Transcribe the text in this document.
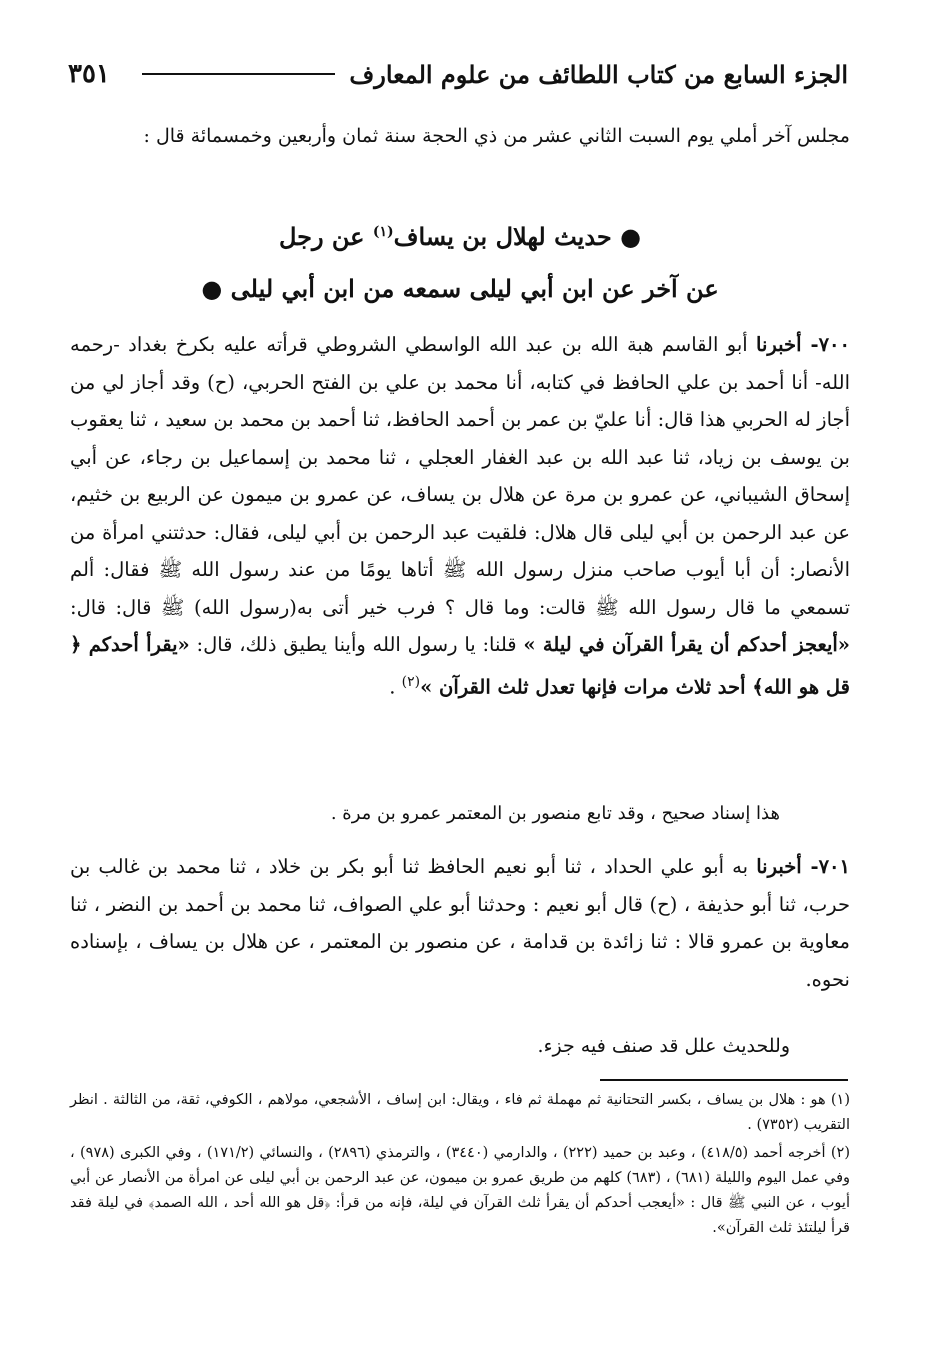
٣٥١	الجزء السابع من كتاب اللطائف من علوم المعارف
مجلس آخر أملي يوم السبت الثاني عشر من ذي الحجة سنة ثمان وأربعين وخمسمائة قال :
● حديث لهلال بن يساف$^{(١)}$ عن رجل
عن آخر عن ابن أبي ليلى سمعه من ابن أبي ليلى ●
٧٠٠- أخبرنا أبو القاسم هبة الله بن عبد الله الواسطي الشروطي قرأته عليه بكرخ بغداد -رحمه الله- أنا أحمد بن علي الحافظ في كتابه، أنا محمد بن علي بن الفتح الحربي، (ح) وقد أجاز لي من أجاز له الحربي هذا قال: أنا عليّ بن عمر بن أحمد الحافظ، ثنا أحمد بن محمد بن سعيد ، ثنا يعقوب بن يوسف بن زياد، ثنا عبد الله بن عبد الغفار العجلي ، ثنا محمد بن إسماعيل بن رجاء، عن أبي إسحاق الشيباني، عن عمرو بن مرة عن هلال بن يساف، عن عمرو بن ميمون عن الربيع بن خثيم، عن عبد الرحمن بن أبي ليلى قال هلال: فلقيت عبد الرحمن بن أبي ليلى، فقال: حدثتني امرأة من الأنصار: أن أبا أيوب صاحب منزل رسول الله ﷺ أتاها يومًا من عند رسول الله ﷺ فقال: ألم تسمعي ما قال رسول الله ﷺ قالت: وما قال ؟ فرب خير أتى به(رسول الله) ﷺ قال: قال: «أيعجز أحدكم أن يقرأ القرآن في ليلة » قلنا: يا رسول الله وأينا يطيق ذلك، قال: «يقرأ أحدكم ﴿ قل هو الله﴾ أحد ثلاث مرات فإنها تعدل ثلث القرآن »$^{(٢)}$ .
هذا إسناد صحيح ، وقد تابع منصور بن المعتمر عمرو بن مرة .
٧٠١- أخبرنا به أبو علي الحداد ، ثنا أبو نعيم الحافظ ثنا أبو بكر بن خلاد ، ثنا محمد بن غالب بن حرب، ثنا أبو حذيفة ، (ح) قال أبو نعيم : وحدثنا أبو علي الصواف، ثنا محمد بن أحمد بن النضر ، ثنا معاوية بن عمرو قالا : ثنا زائدة بن قدامة ، عن منصور بن المعتمر ، عن هلال بن يساف ، بإسناده نحوه.
وللحديث علل قد صنف فيه جزء.

(١) هو : هلال بن يساف ، بكسر التحتانية ثم مهملة ثم فاء ، ويقال: ابن إساف ، الأشجعي، مولاهم ، الكوفي، ثقة، من الثالثة . انظر التقريب (٧٣٥٢) .

(٢) أخرجه أحمد (٤١٨/٥) ، وعبد بن حميد (٢٢٢) ، والدارمي (٣٤٤٠) ، والترمذي (٢٨٩٦) ، والنسائي (١٧١/٢) ، وفي الكبرى (٩٧٨) ، وفي عمل اليوم والليلة (٦٨١) ، (٦٨٣) كلهم من طريق عمرو بن ميمون، عن عبد الرحمن بن أبي ليلى عن امرأة من الأنصار عن أبي أيوب ، عن النبي ﷺ قال : «أيعجب أحدكم أن يقرأ ثلث القرآن في ليلة، فإنه من قرأ: ﴿قل هو الله أحد ، الله الصمد﴾ في ليلة فقد قرأ ليلتئذ ثلث القرآن».
